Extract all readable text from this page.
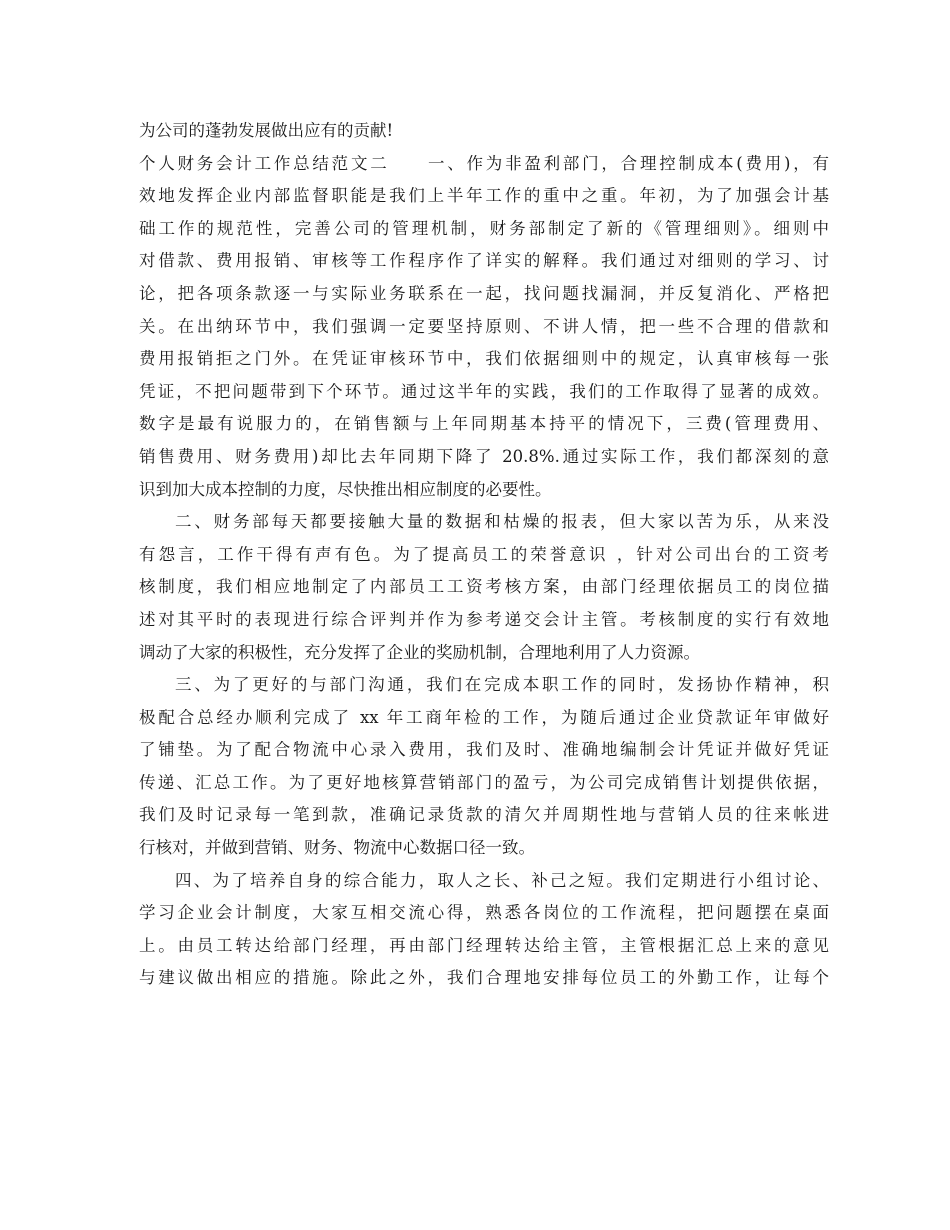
为公司的蓬勃发展做出应有的贡献!
个人财务会计工作总结范文二　　一、作为非盈利部门，合理控制成本(费用)，有
效地发挥企业内部监督职能是我们上半年工作的重中之重。年初，为了加强会计基
础工作的规范性，完善公司的管理机制，财务部制定了新的《管理细则》。细则中
对借款、费用报销、审核等工作程序作了详实的解释。我们通过对细则的学习、讨
论，把各项条款逐一与实际业务联系在一起，找问题找漏洞，并反复消化、严格把
关。在出纳环节中，我们强调一定要坚持原则、不讲人情，把一些不合理的借款和
费用报销拒之门外。在凭证审核环节中，我们依据细则中的规定，认真审核每一张
凭证，不把问题带到下个环节。通过这半年的实践，我们的工作取得了显著的成效。
数字是最有说服力的，在销售额与上年同期基本持平的情况下，三费(管理费用、
销售费用、财务费用)却比去年同期下降了 20.8%.通过实际工作，我们都深刻的意
识到加大成本控制的力度，尽快推出相应制度的必要性。
二、财务部每天都要接触大量的数据和枯燥的报表，但大家以苦为乐，从来没
有怨言，工作干得有声有色。为了提高员工的荣誉意识 ，针对公司出台的工资考
核制度，我们相应地制定了内部员工工资考核方案，由部门经理依据员工的岗位描
述对其平时的表现进行综合评判并作为参考递交会计主管。考核制度的实行有效地
调动了大家的积极性，充分发挥了企业的奖励机制，合理地利用了人力资源。
三、为了更好的与部门沟通，我们在完成本职工作的同时，发扬协作精神，积
极配合总经办顺利完成了 xx 年工商年检的工作，为随后通过企业贷款证年审做好
了铺垫。为了配合物流中心录入费用，我们及时、准确地编制会计凭证并做好凭证
传递、汇总工作。为了更好地核算营销部门的盈亏，为公司完成销售计划提供依据，
我们及时记录每一笔到款，准确记录货款的清欠并周期性地与营销人员的往来帐进
行核对，并做到营销、财务、物流中心数据口径一致。
四、为了培养自身的综合能力，取人之长、补己之短。我们定期进行小组讨论、
学习企业会计制度，大家互相交流心得，熟悉各岗位的工作流程，把问题摆在桌面
上。由员工转达给部门经理，再由部门经理转达给主管，主管根据汇总上来的意见
与建议做出相应的措施。除此之外，我们合理地安排每位员工的外勤工作，让每个
